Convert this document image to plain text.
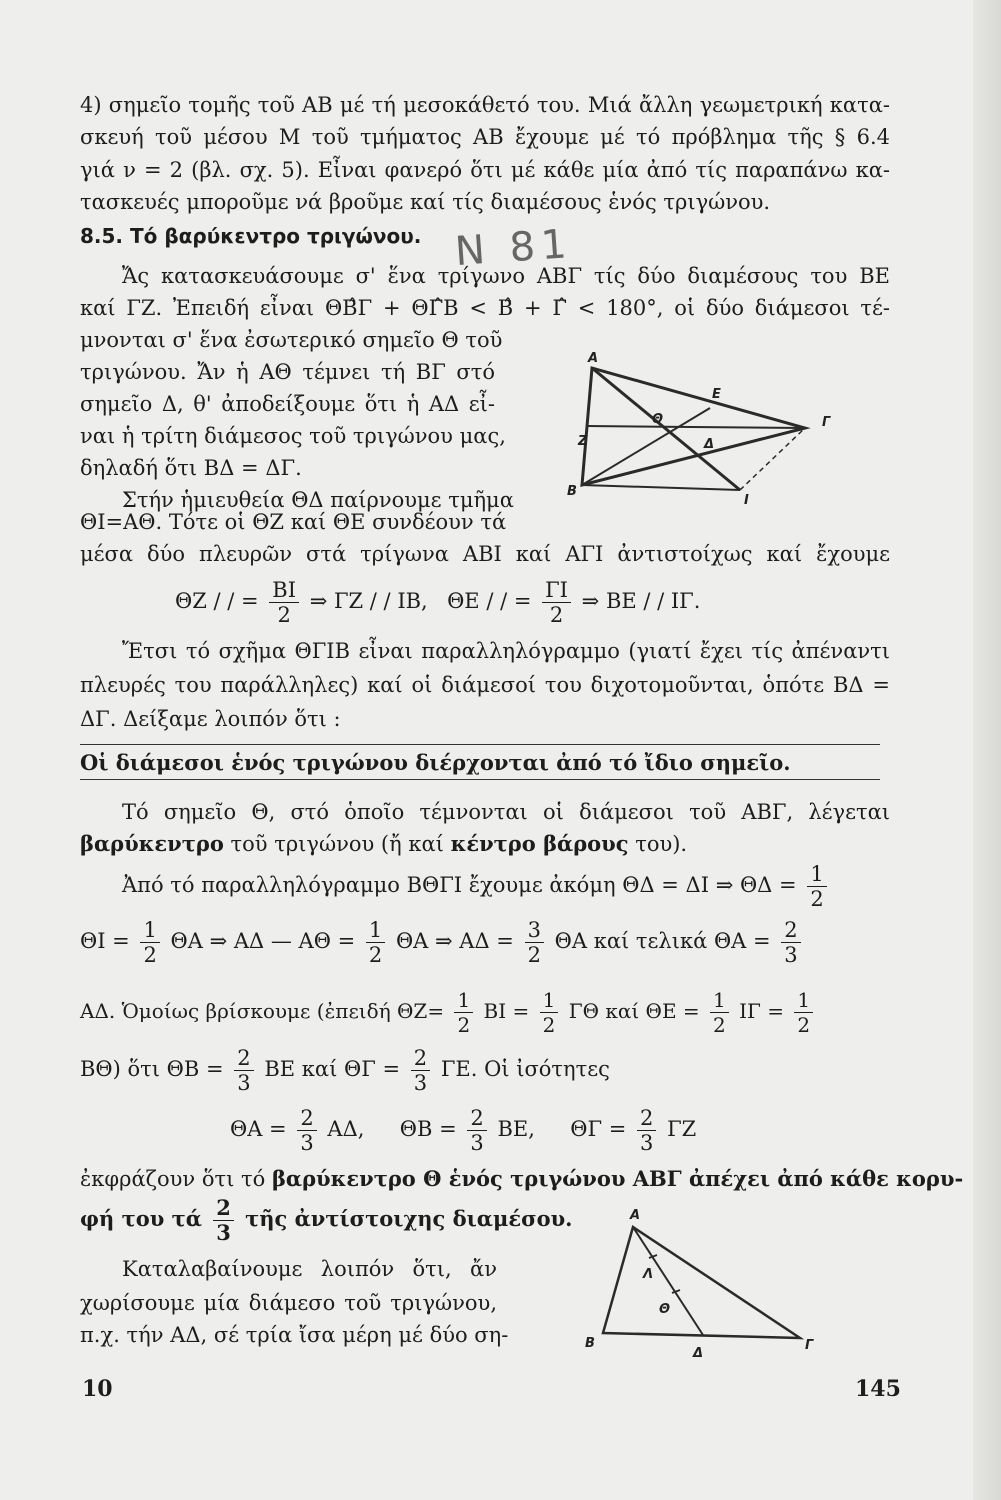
4) σημεῖο τομῆς τοῦ ΑΒ μέ τή μεσοκάθετό του. Μιά ἄλλη γεωμετρική κατα-
σκευή τοῦ μέσου Μ τοῦ τμήματος ΑΒ ἔχουμε μέ τό πρόβλημα τῆς § 6.4
γιά ν = 2 (βλ. σχ. 5). Εἶναι φανερό ὅτι μέ κάθε μία ἀπό τίς παραπάνω κα-
τασκευές μποροῦμε νά βροῦμε καί τίς διαμέσους ἑνός τριγώνου.
8.5. Τό βαρύκεντρο τριγώνου. N 81
Ἄς κατασκευάσουμε σ' ἕνα τρίγωνο ΑΒΓ τίς δύο διαμέσους του ΒΕ
καί ΓΖ. Ἐπειδή εἶναι ΘΒ̂Γ + ΘΓ̂Β < Β̂ + Γ̂ < 180°, οἱ δύο διάμεσοι τέ-
μνονται σ' ἕνα ἐσωτερικό σημεῖο Θ τοῦ
τριγώνου. Ἄν ἡ ΑΘ τέμνει τή ΒΓ στό
σημεῖο Δ, θ' ἀποδείξουμε ὅτι ἡ ΑΔ εἶ-
ναι ἡ τρίτη διάμεσος τοῦ τριγώνου μας,
δηλαδή ὅτι ΒΔ = ΔΓ.
Στήν ἡμιευθεία ΘΔ παίρνουμε τμῆμα
ΘΙ=ΑΘ. Τότε οἱ ΘΖ καί ΘΕ συνδέουν τά
μέσα δύο πλευρῶν στά τρίγωνα ΑΒΙ καί ΑΓΙ ἀντιστοίχως καί ἔχουμε
A
B
Γ
E
Z
Θ
Δ
I
ΘΖ / / = $\frac{BI}{2}$ ⇒ ΓΖ / / ΙΒ, ΘΕ / / = $\frac{\Gamma I}{2}$ ⇒ ΒΕ / / ΙΓ.
Ἔτσι τό σχῆμα ΘΓΙΒ εἶναι παραλληλόγραμμο (γιατί ἔχει τίς ἀπέναντι
πλευρές του παράλληλες) καί οἱ διάμεσοί του διχοτομοῦνται, ὁπότε ΒΔ =
ΔΓ. Δείξαμε λοιπόν ὅτι :
Οἱ διάμεσοι ἑνός τριγώνου διέρχονται ἀπό τό ἴδιο σημεῖο.
Τό σημεῖο Θ, στό ὁποῖο τέμνονται οἱ διάμεσοι τοῦ ΑΒΓ, λέγεται
βαρύκεντρο τοῦ τριγώνου (ἤ καί κέντρο βάρους του).
Ἀπό τό παραλληλόγραμμο ΒΘΓΙ ἔχουμε ἀκόμη ΘΔ = ΔΙ ⇒ $\Theta\Delta = \frac{1}{2}$
$\Theta I = \frac{1}{2}$ ΘΑ ⇒ ΑΔ — $A\Theta = \frac{1}{2}$ ΘΑ ⇒ $A\Delta = \frac{3}{2}$ ΘΑ καί τελικά $\Theta A = \frac{2}{3}$
ΑΔ. Ὁμοίως βρίσκουμε (ἐπειδή $\Theta Z= \frac{1}{2}$ $BI = \frac{1}{2}$ ΓΘ καί $\Theta E = \frac{1}{2}$ $I\Gamma = \frac{1}{2}$
ΒΘ) ὅτι $\Theta B = \frac{2}{3}$ ΒΕ καί $\Theta\Gamma = \frac{2}{3} \Gamma E$. Οἱ ἰσότητες
$\Theta A = \frac{2}{3} A\Delta$, $\Theta B = \frac{2}{3} BE$, $\Theta\Gamma = \frac{2}{3}$ ΓΖ
ἐκφράζουν ὅτι τό βαρύκεντρο Θ ἑνός τριγώνου ΑΒΓ ἀπέχει ἀπό κάθε κορυ-
φή του τά $\frac{2}{3}$ τῆς ἀντίστοιχης διαμέσου.
Καταλαβαίνουμε λοιπόν ὅτι, ἄν
χωρίσουμε μία διάμεσο τοῦ τριγώνου,
π.χ. τήν ΑΔ, σέ τρία ἴσα μέρη μέ δύο ση-
A
B	Γ
Λ
Θ
Δ
10	145
